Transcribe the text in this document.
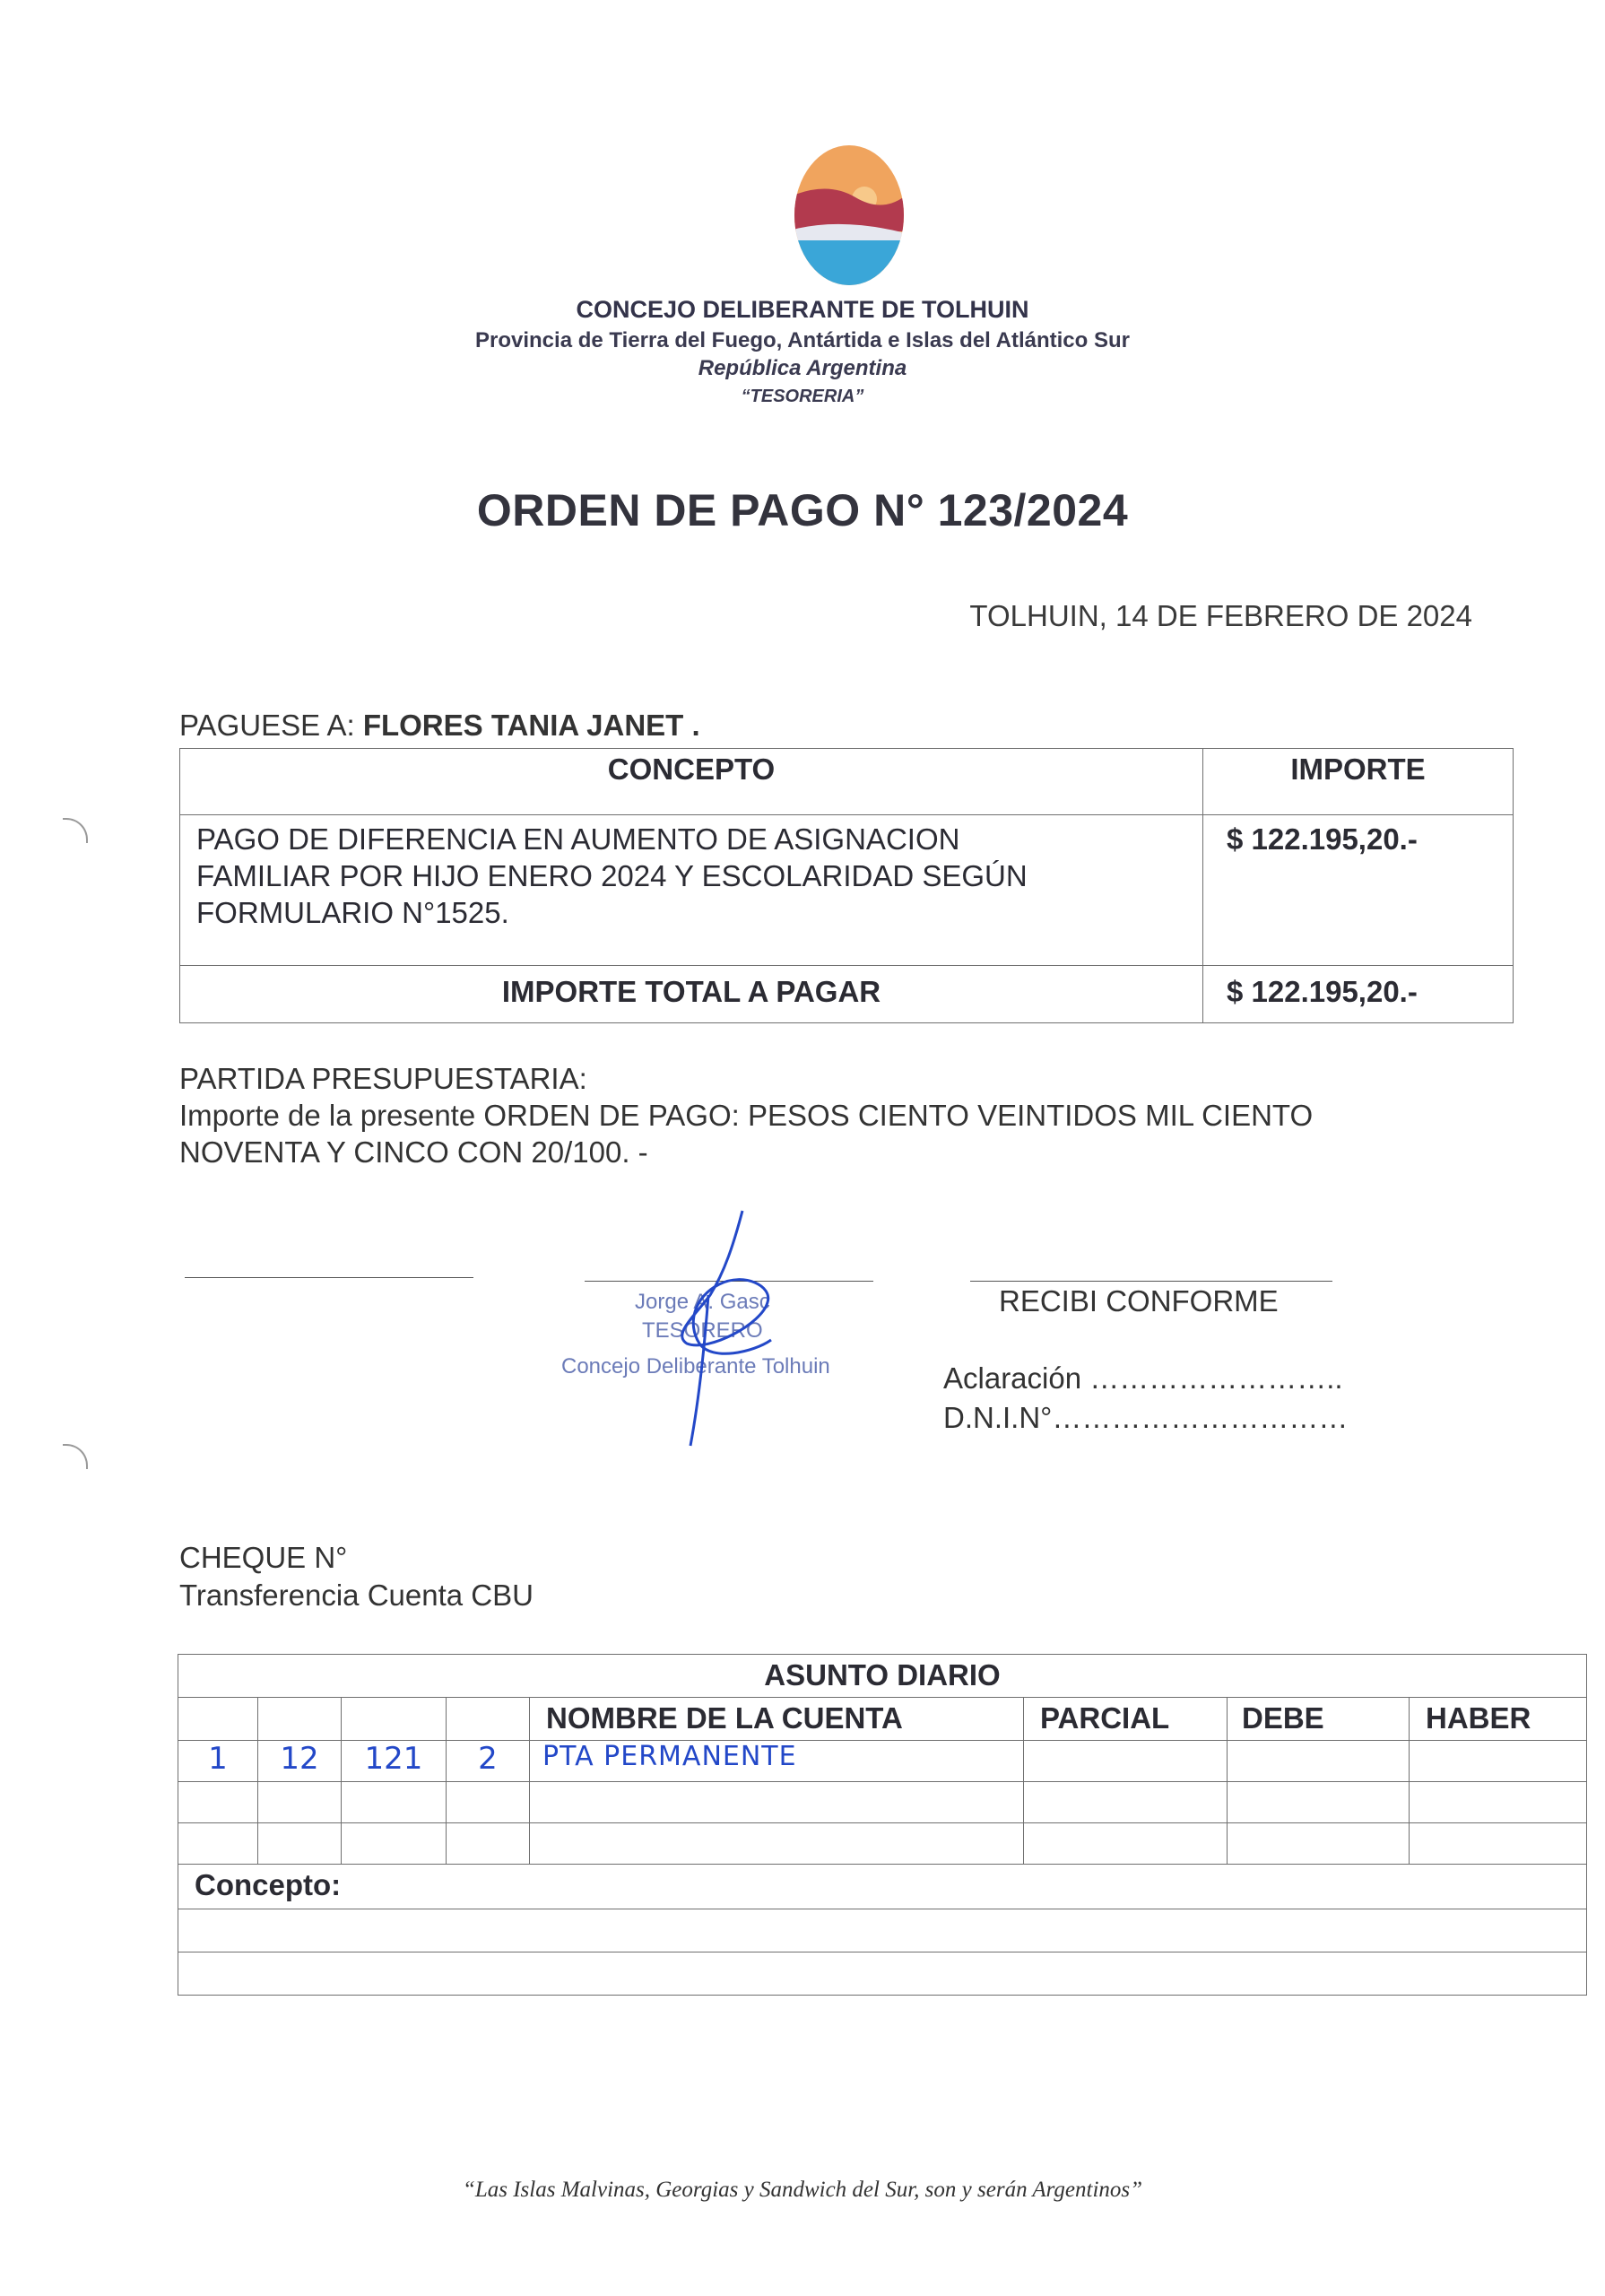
CONCEJO DELIBERANTE DE TOLHUIN
Provincia de Tierra del Fuego, Antártida e Islas del Atlántico Sur
República Argentina
“TESORERIA”
ORDEN DE PAGO N° 123/2024
TOLHUIN, 14 DE FEBRERO DE 2024
PAGUESE A: FLORES TANIA JANET .
CONCEPTO	IMPORTE

PAGO DE DIFERENCIA EN AUMENTO DE ASIGNACION
FAMILIAR POR HIJO ENERO 2024 Y ESCOLARIDAD SEGÚN
FORMULARIO N°1525.	$ 122.195,20.-
IMPORTE TOTAL A PAGAR	$ 122.195,20.-
PARTIDA PRESUPUESTARIA:
Importe de la presente ORDEN DE PAGO: PESOS CIENTO VEINTIDOS MIL CIENTO
NOVENTA Y CINCO CON 20/100. -
Jorge A. Gasc
TESORERO
Concejo Deliberante Tolhuin
RECIBI CONFORME
Aclaración ……………………..
D.N.I.N°…………………………
CHEQUE N°
Transferencia Cuenta CBU
ASUNTO DIARIO							
				NOMBRE DE LA CUENTA	PARCIAL	DEBE	HABER
1	12	121	2	PTA PERMANENTE			

Concepto:							

“Las Islas Malvinas, Georgias y Sandwich del Sur, son y serán Argentinos”
